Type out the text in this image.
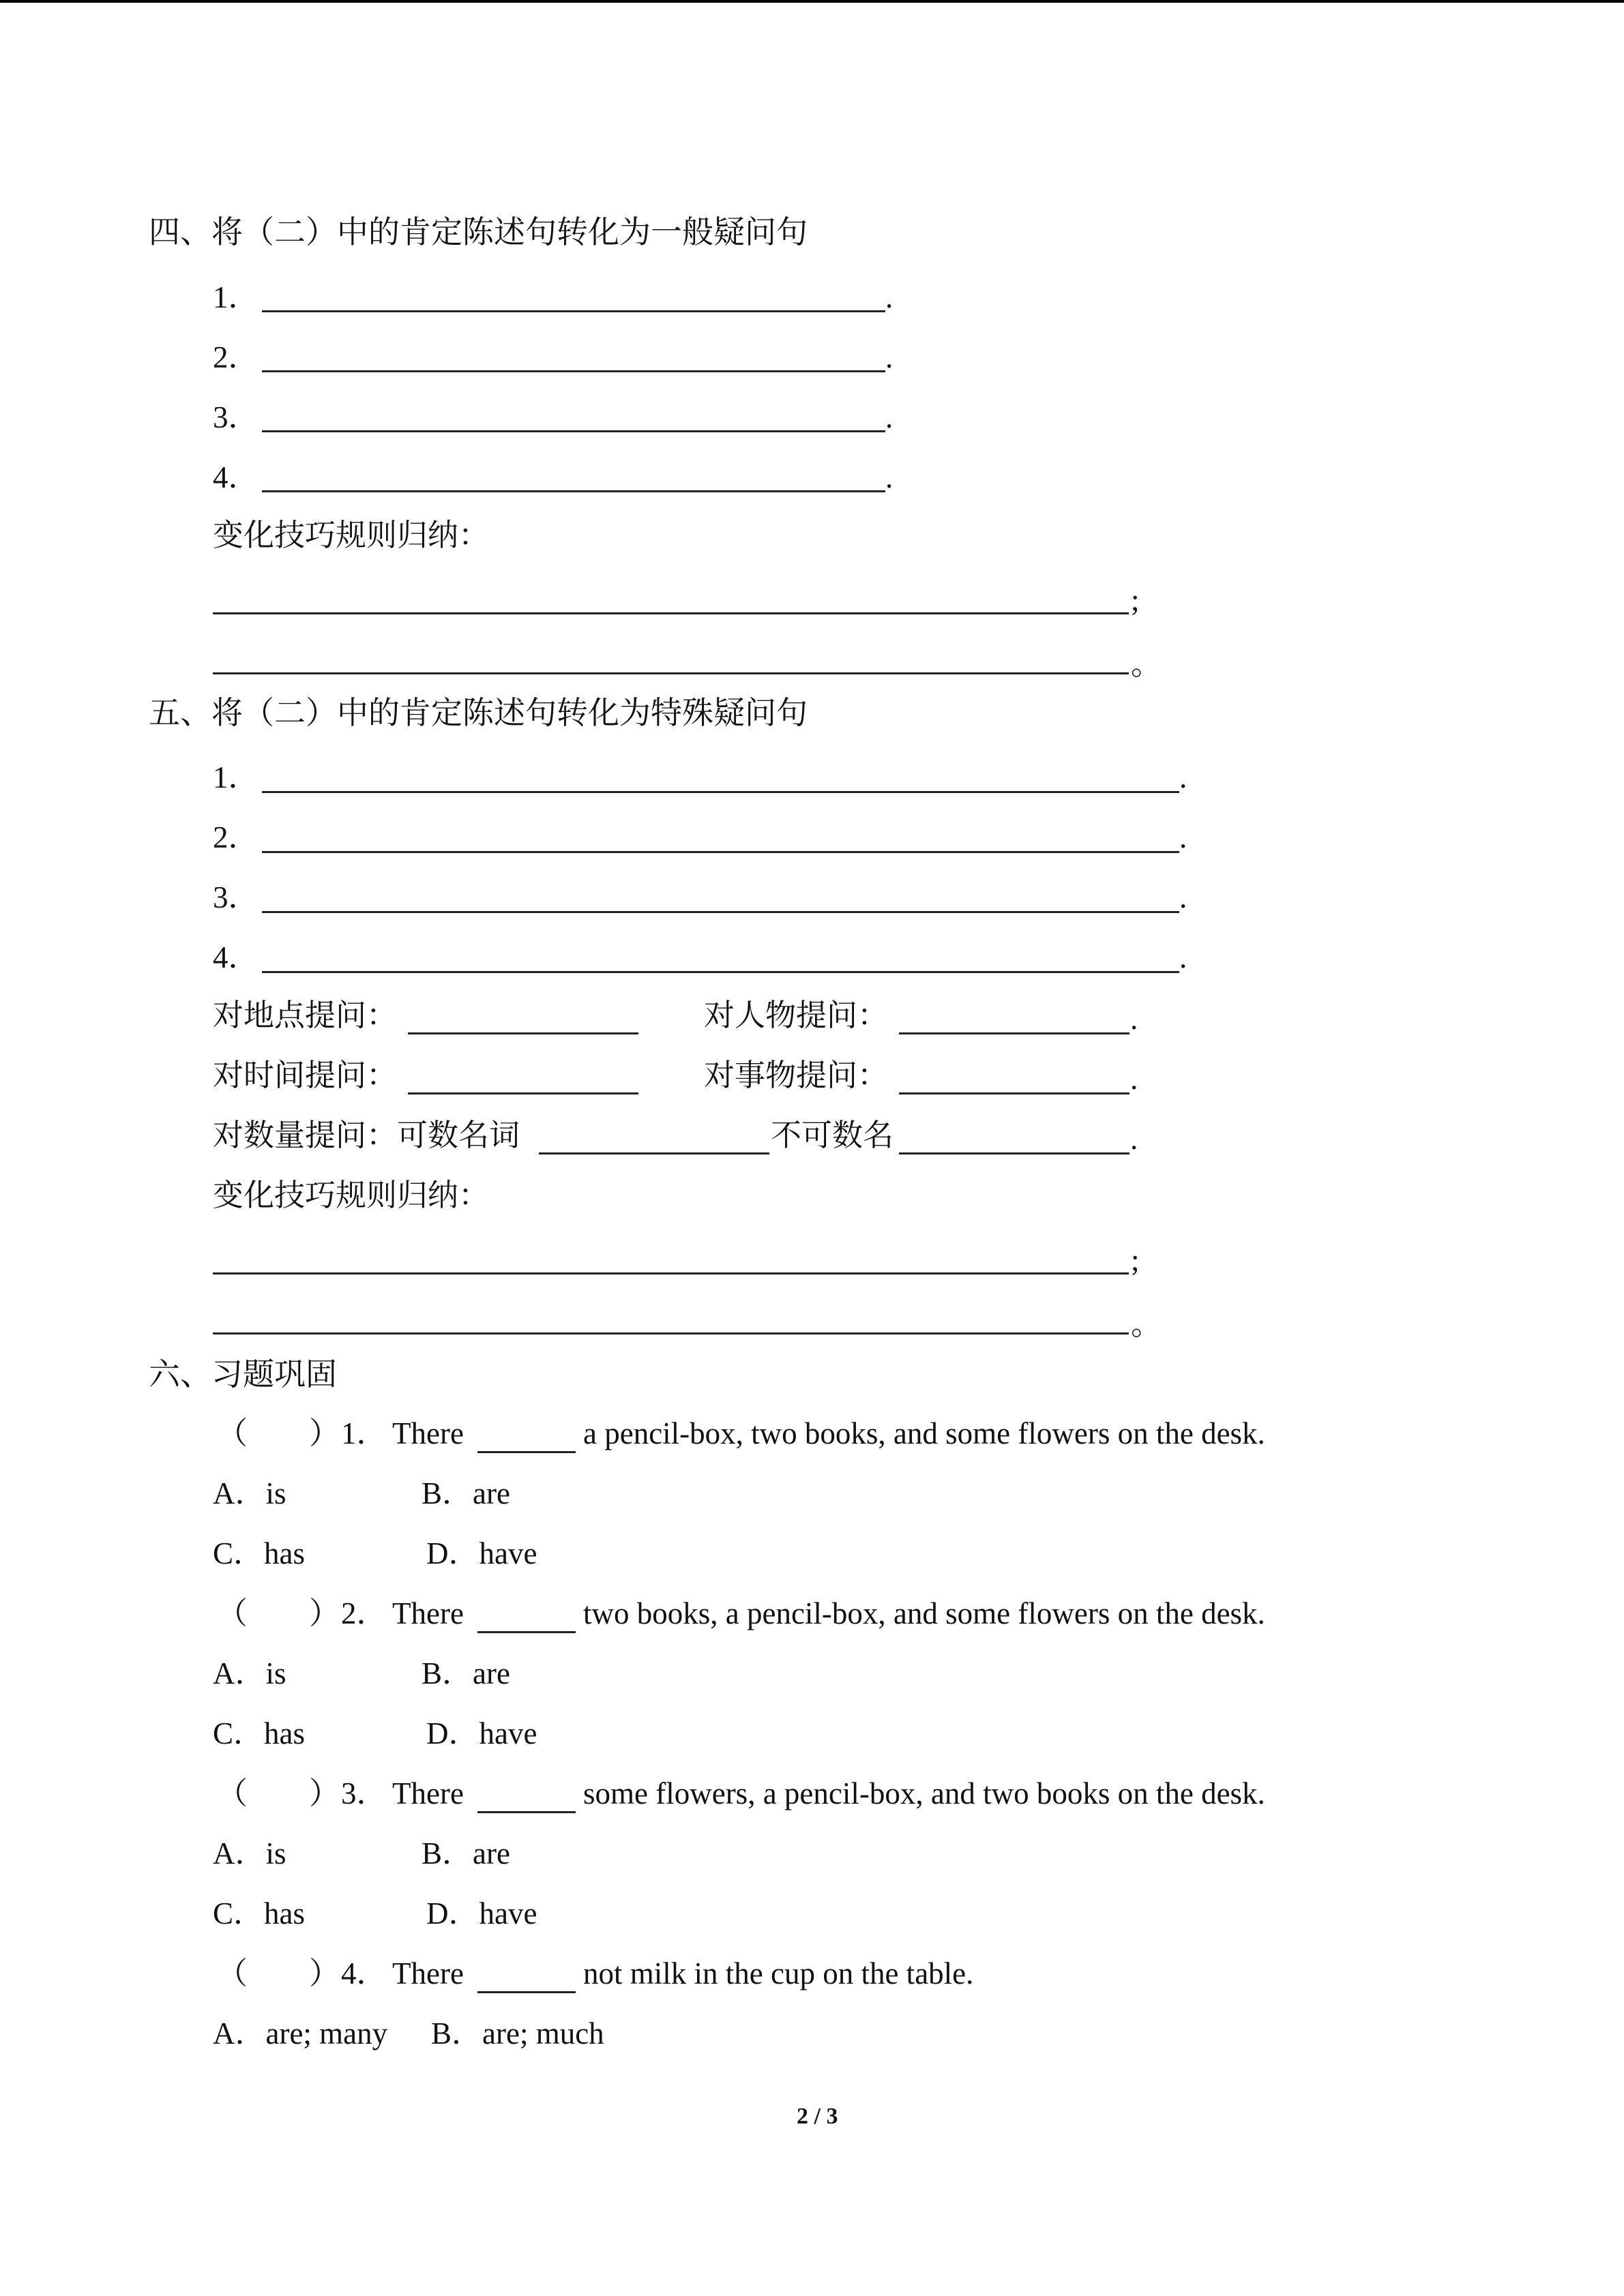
四、将（二）中的肯定陈述句转化为一般疑问句
1．	.
2．	.
3．	.
4．	.
变化技巧规则归纳：
;
。
五、将（二）中的肯定陈述句转化为特殊疑问句
1．	.
2．	.
3．	.
4．	.
对地点提问：	对人物提问：	.
对时间提问：	对事物提问：	.
对数量提问：可数名词	不可数名	.
变化技巧规则归纳：
;
。
六、习题巩固
（　　） 1． There	a pencil-box, two books, and some flowers on the desk.
A．is	B．are
C．has	D．have
（　　） 2． There	two books, a pencil-box, and some flowers on the desk.
A．is	B．are
C．has	D．have
（　　） 3． There	some flowers, a pencil-box, and two books on the desk.
A．is	B．are
C．has	D．have
（　　） 4． There	not milk in the cup on the table.
A．are; many B．are; much
2 / 3
